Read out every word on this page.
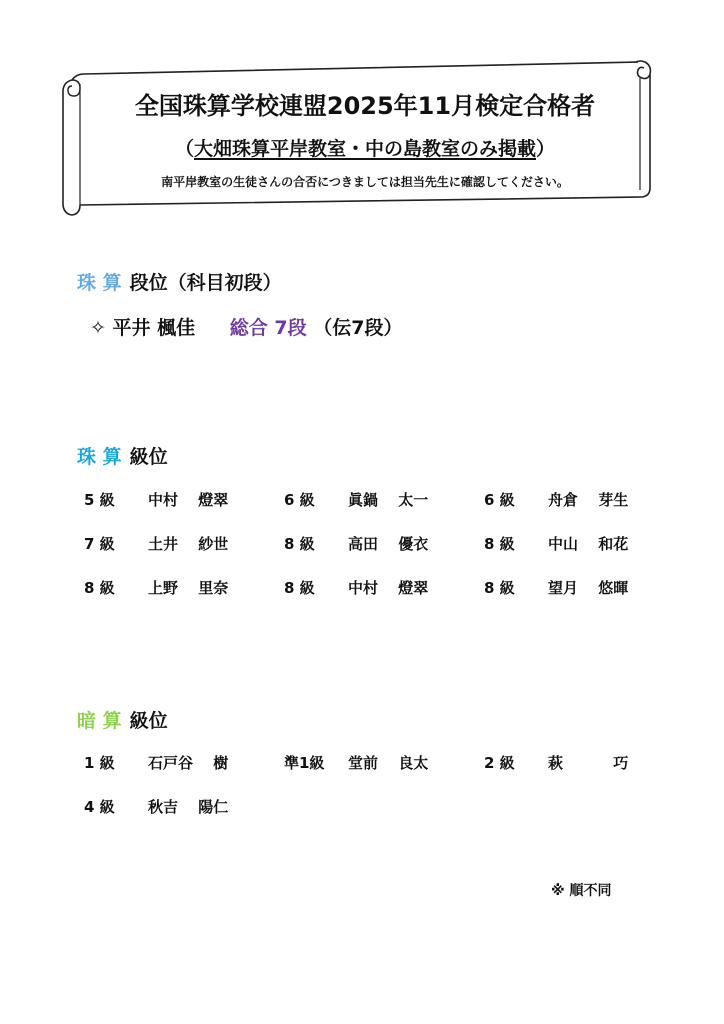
全国珠算学校連盟2025年11月検定合格者
（大畑珠算平岸教室・中の島教室のみ掲載）
南平岸教室の生徒さんの合否につきましては担当先生に確認してください。
珠 算 段位（科目初段）
✧ 平井 楓佳 総合 7段 （伝7段）
珠 算 級位
5 級 中村　 燈翠	6 級 眞鍋　 太一	6 級 舟倉　 芽生
7 級 土井　 紗世	8 級 高田　 優衣	8 級 中山　 和花
8 級 上野　 里奈	8 級 中村　 燈翠	8 級 望月　 悠暉
暗 算 級位
1 級 石戸谷　 樹	準1級 堂前　 良太	2 級 萩　　　 巧
4 級 秋吉　 陽仁
※ 順不同
